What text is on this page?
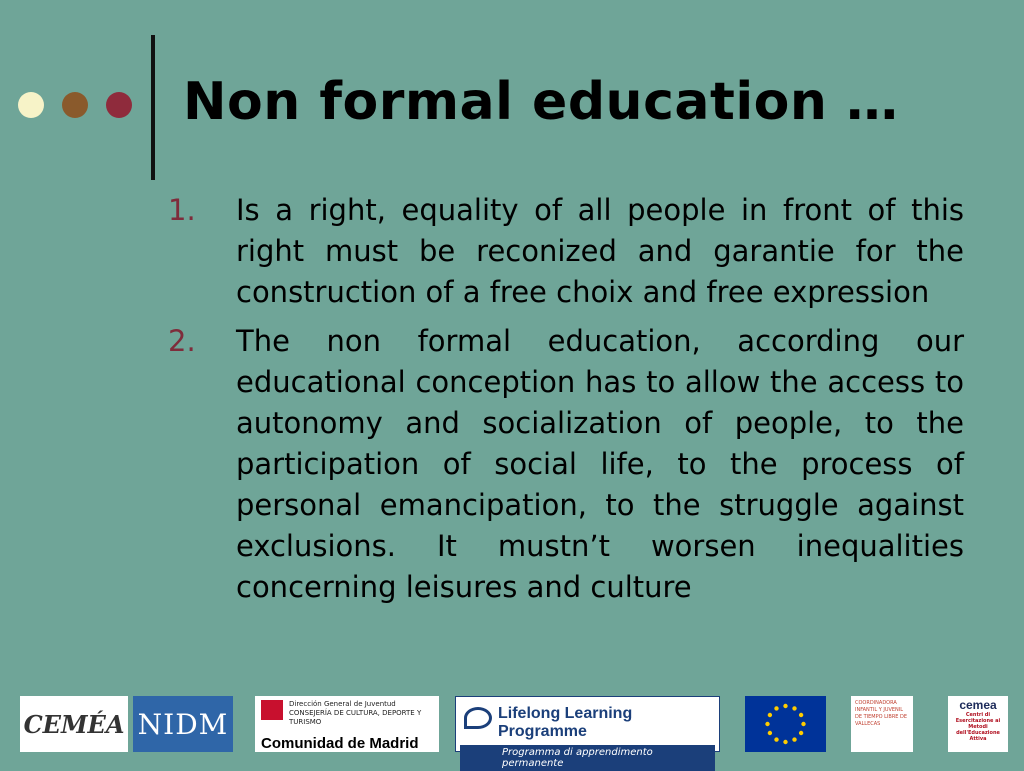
Non formal education …
1.	Is a right, equality of all people in front of this right must be reconized and garantie for the construction of a free choix and free expression
2.	The non formal education, according our educational conception has to allow the access to autonomy and socialization of people, to the participation of social life, to the process of personal emancipation, to the struggle against exclusions. It mustn’t worsen inequalities concerning leisures and culture
CEMÉA NIDM
Dirección General de Juventud
CONSEJERÍA DE CULTURA, DEPORTE Y TURISMO
Comunidad de Madrid
Lifelong Learning Programme
Programma di apprendimento permanente
COORDINADORA INFANTIL Y JUVENIL DE TIEMPO LIBRE DE VALLECAS
cemea
Centri di Esercitazione ai Metodi dell'Educazione Attiva
